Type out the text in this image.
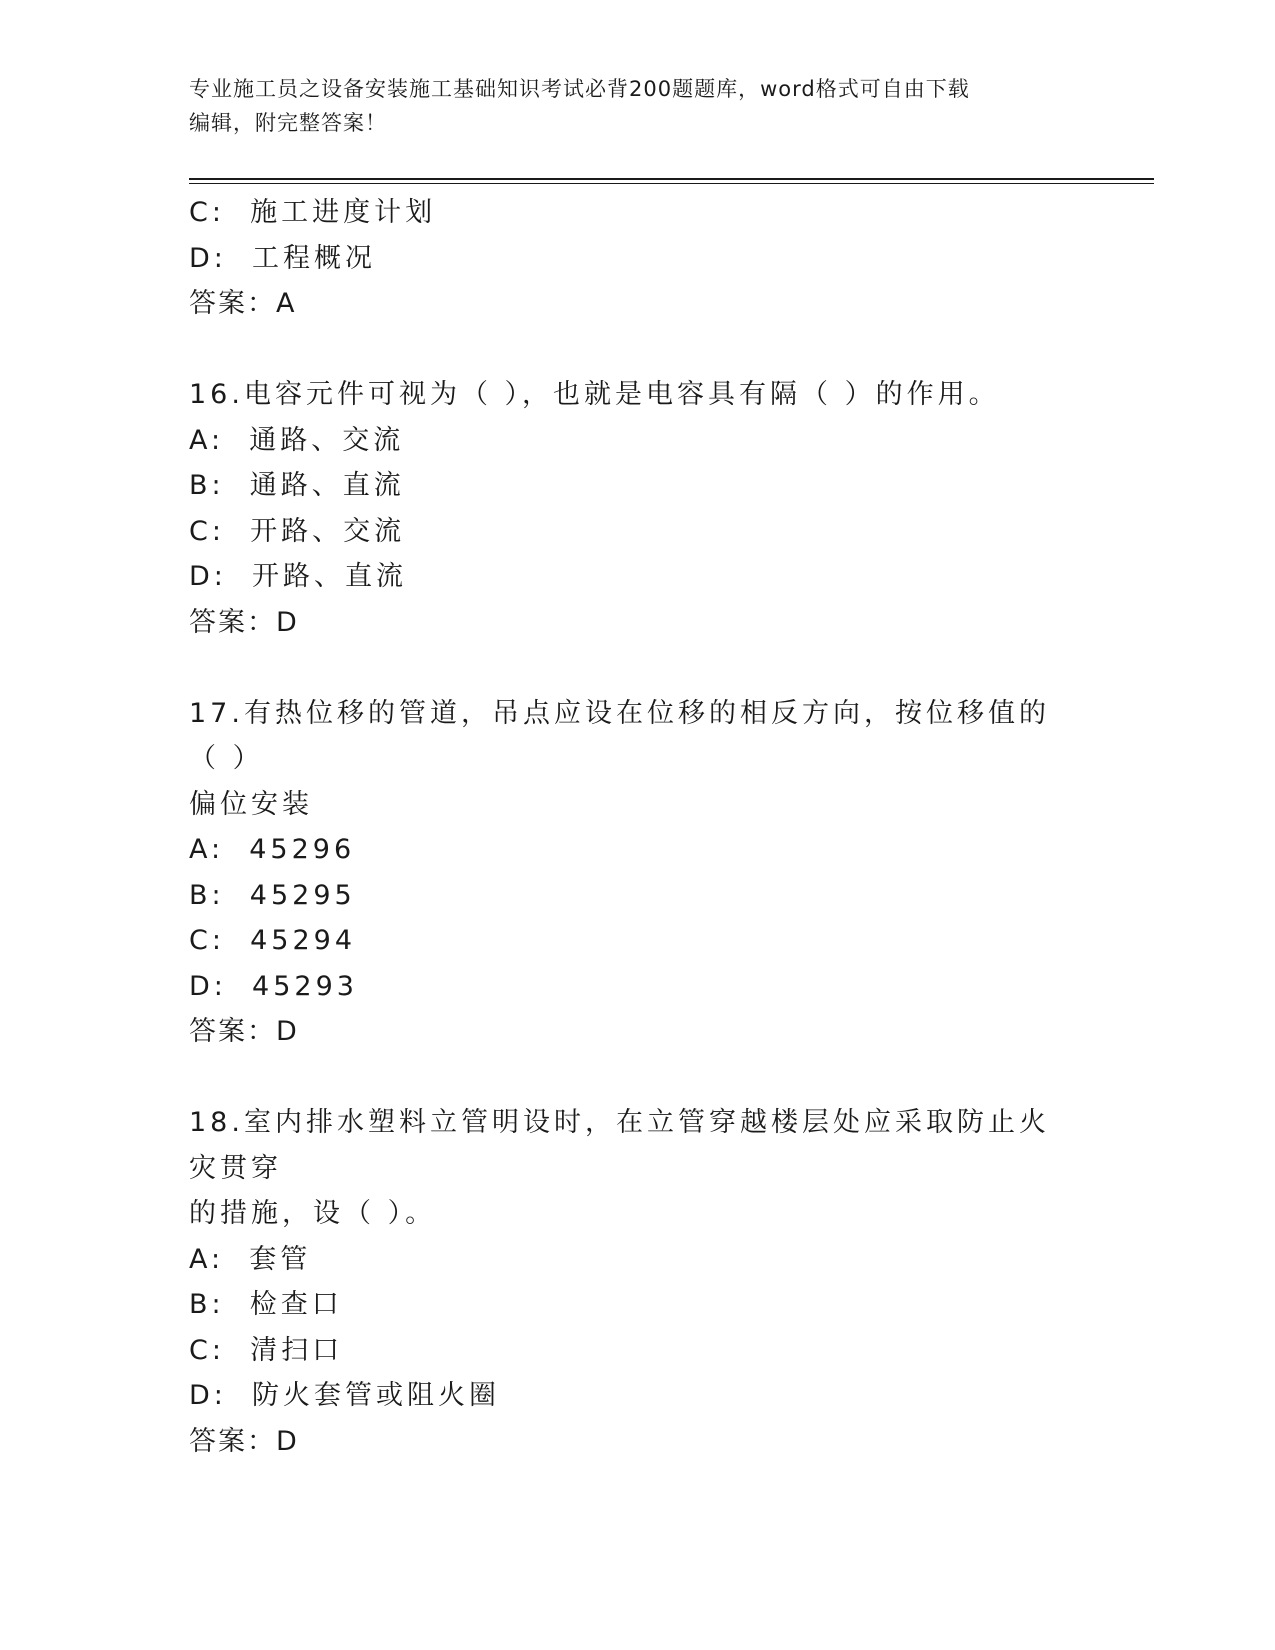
专业施工员之设备安装施工基础知识考试必背200题题库，word格式可自由下载
编辑，附完整答案！
C:  施工进度计划
D:  工程概况
答案：A
16.电容元件可视为（ ），也就是电容具有隔（ ）的作用。
A:  通路、交流
B:  通路、直流
C:  开路、交流
D:  开路、直流
答案：D
17.有热位移的管道，吊点应设在位移的相反方向，按位移值的（ ）
偏位安装
A:  45296
B:  45295
C:  45294
D:  45293
答案：D
18.室内排水塑料立管明设时，在立管穿越楼层处应采取防止火灾贯穿
的措施，设（ ）。
A:  套管
B:  检查口
C:  清扫口
D:  防火套管或阻火圈
答案：D
